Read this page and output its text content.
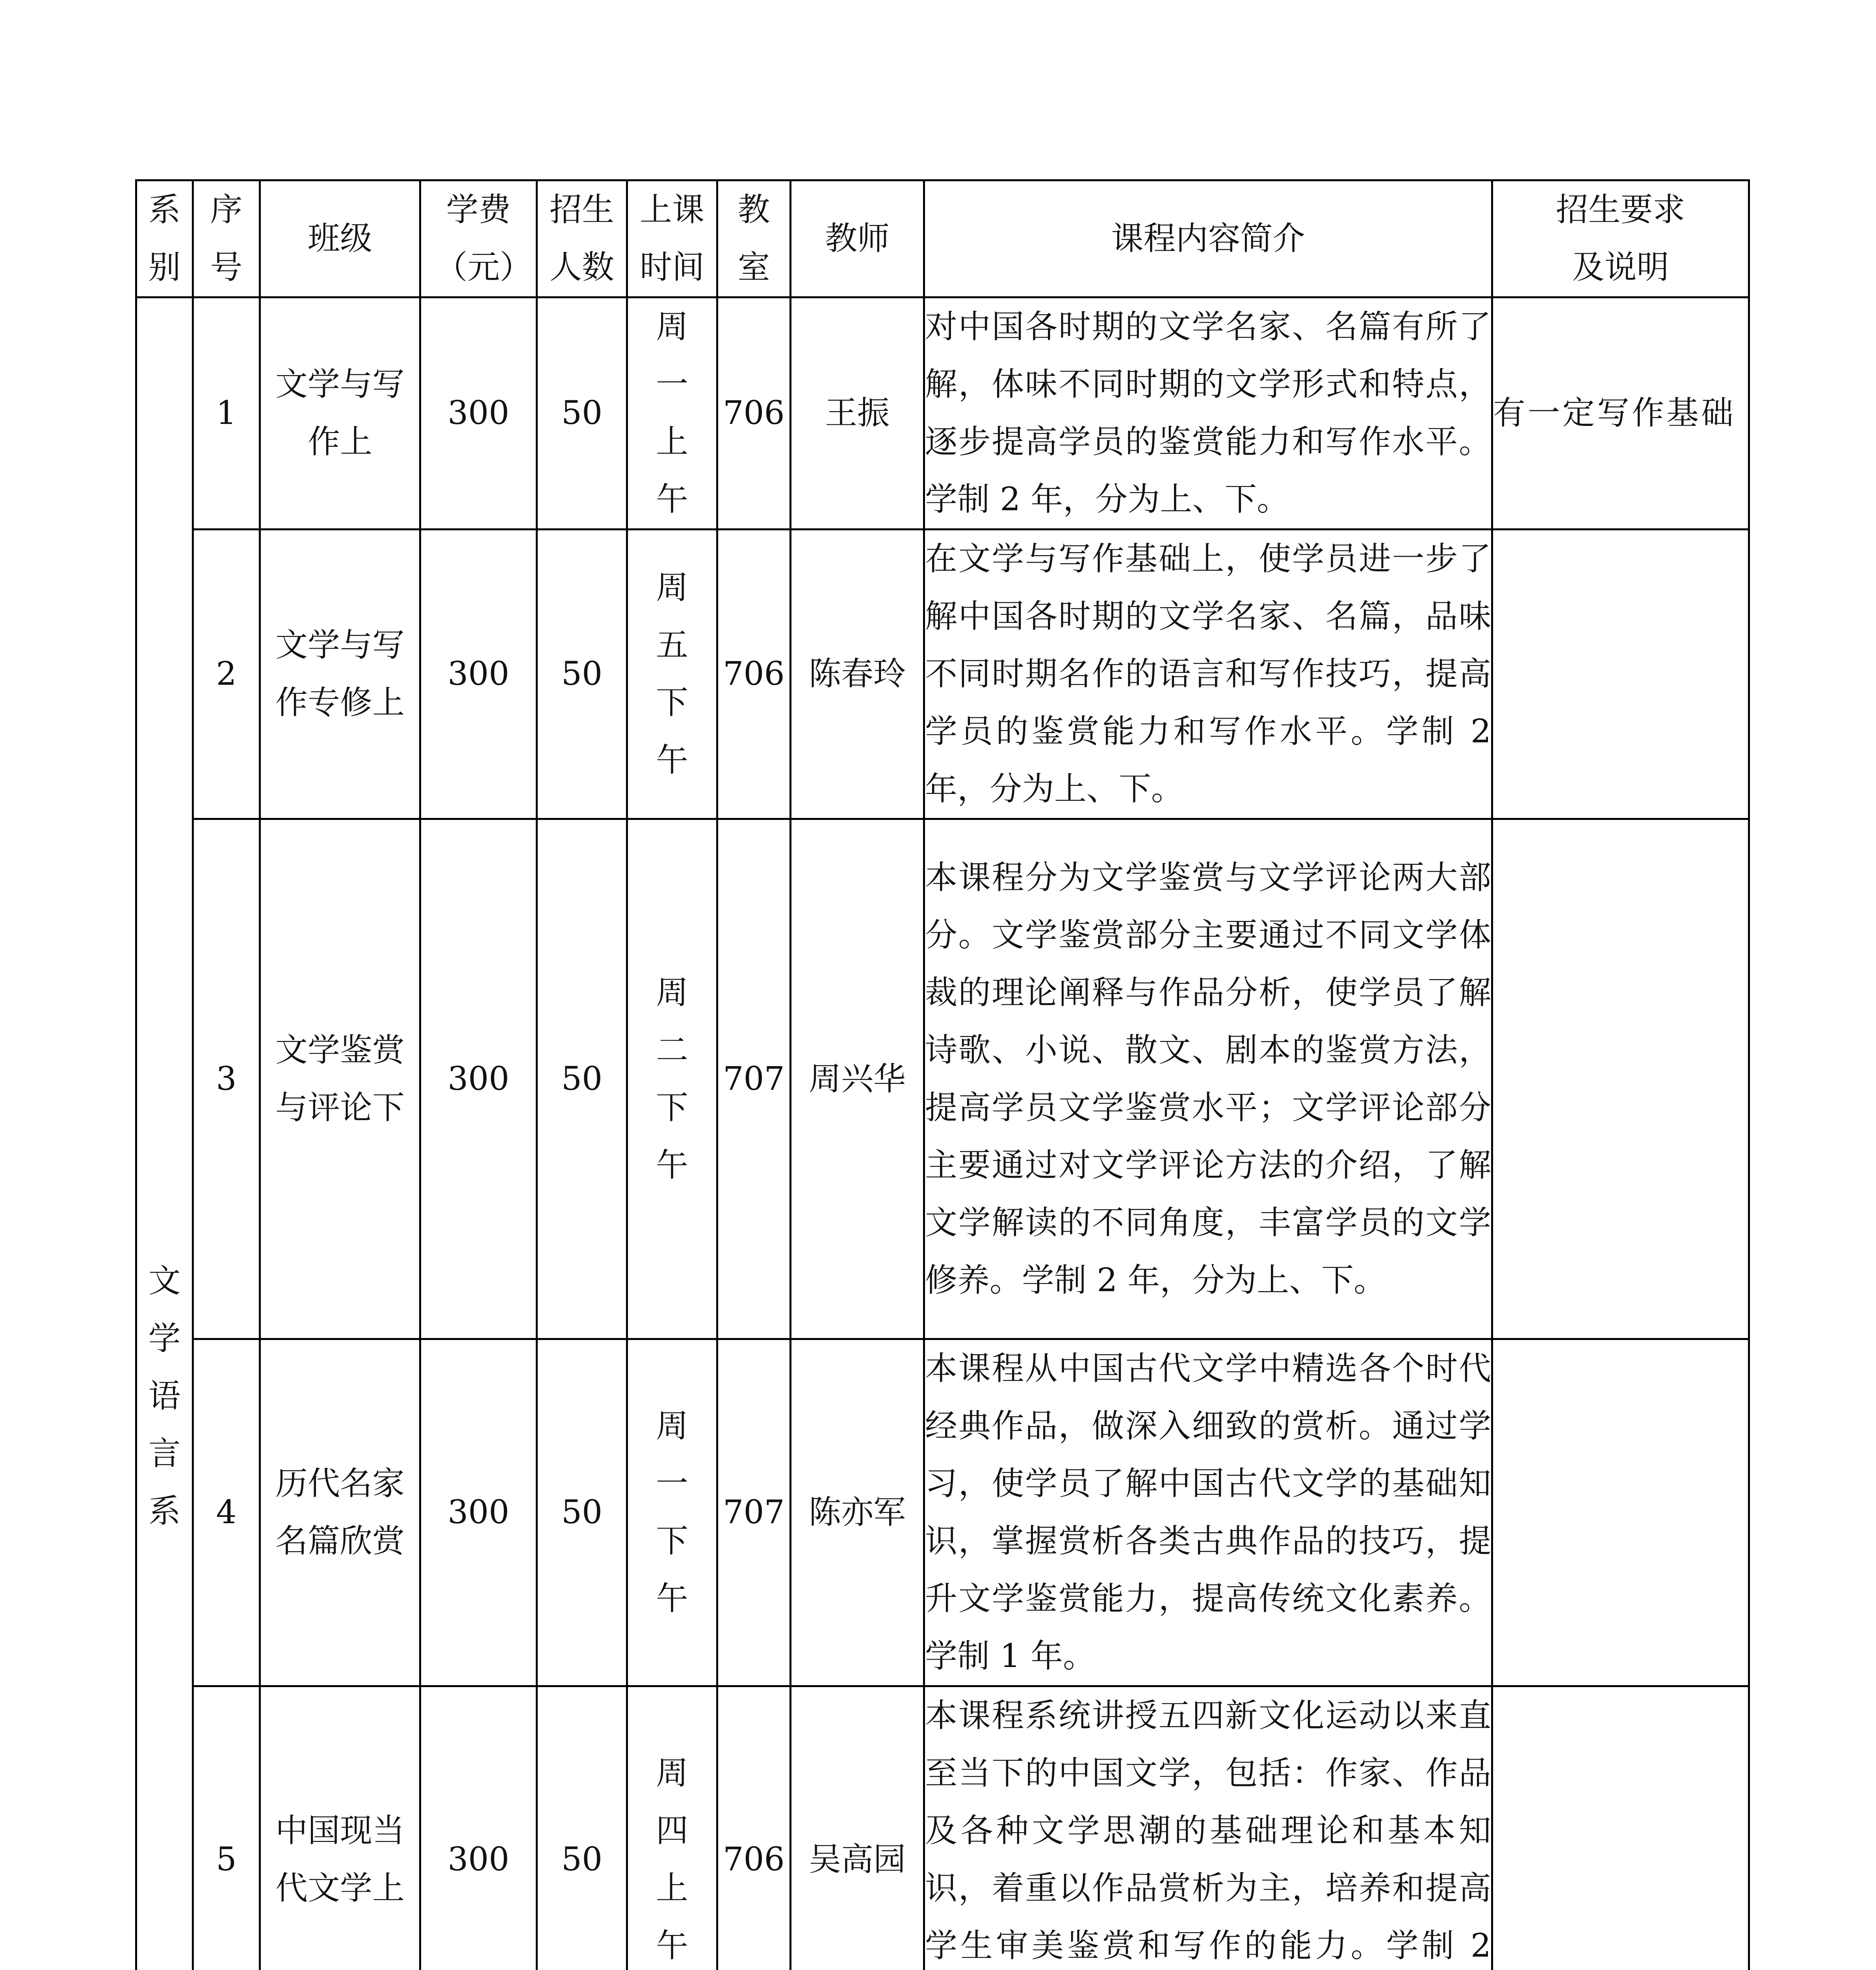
系别	序号	班级	学费（元）	招生人数	上课时间	教室	教师	课程内容简介	招生要求及说明
文学语言系	1	文学与写作上	300	50	周一上午	706	王振	对中国各时期的文学名家、名篇有所了解，体味不同时期的文学形式和特点，逐步提高学员的鉴赏能力和写作水平。学制 2 年，分为上、下。	有一定写作基础
	2	文学与写作专修上	300	50	周五下午	706	陈春玲	在文学与写作基础上，使学员进一步了解中国各时期的文学名家、名篇，品味不同时期名作的语言和写作技巧，提高学员的鉴赏能力和写作水平。学制 2 年，分为上、下。	
	3	文学鉴赏与评论下	300	50	周二下午	707	周兴华	本课程分为文学鉴赏与文学评论两大部分。文学鉴赏部分主要通过不同文学体裁的理论阐释与作品分析，使学员了解诗歌、小说、散文、剧本的鉴赏方法，提高学员文学鉴赏水平；文学评论部分主要通过对文学评论方法的介绍，了解文学解读的不同角度，丰富学员的文学修养。学制 2 年，分为上、下。	
	4	历代名家名篇欣赏	300	50	周一下午	707	陈亦军	本课程从中国古代文学中精选各个时代经典作品，做深入细致的赏析。通过学习，使学员了解中国古代文学的基础知识，掌握赏析各类古典作品的技巧，提升文学鉴赏能力，提高传统文化素养。学制 1 年。	
	5	中国现当代文学上	300	50	周四上午	706	吴高园	本课程系统讲授五四新文化运动以来直至当下的中国文学，包括：作家、作品及各种文学思潮的基础理论和基本知识，着重以作品赏析为主，培养和提高学生审美鉴赏和写作的能力。学制 2	
